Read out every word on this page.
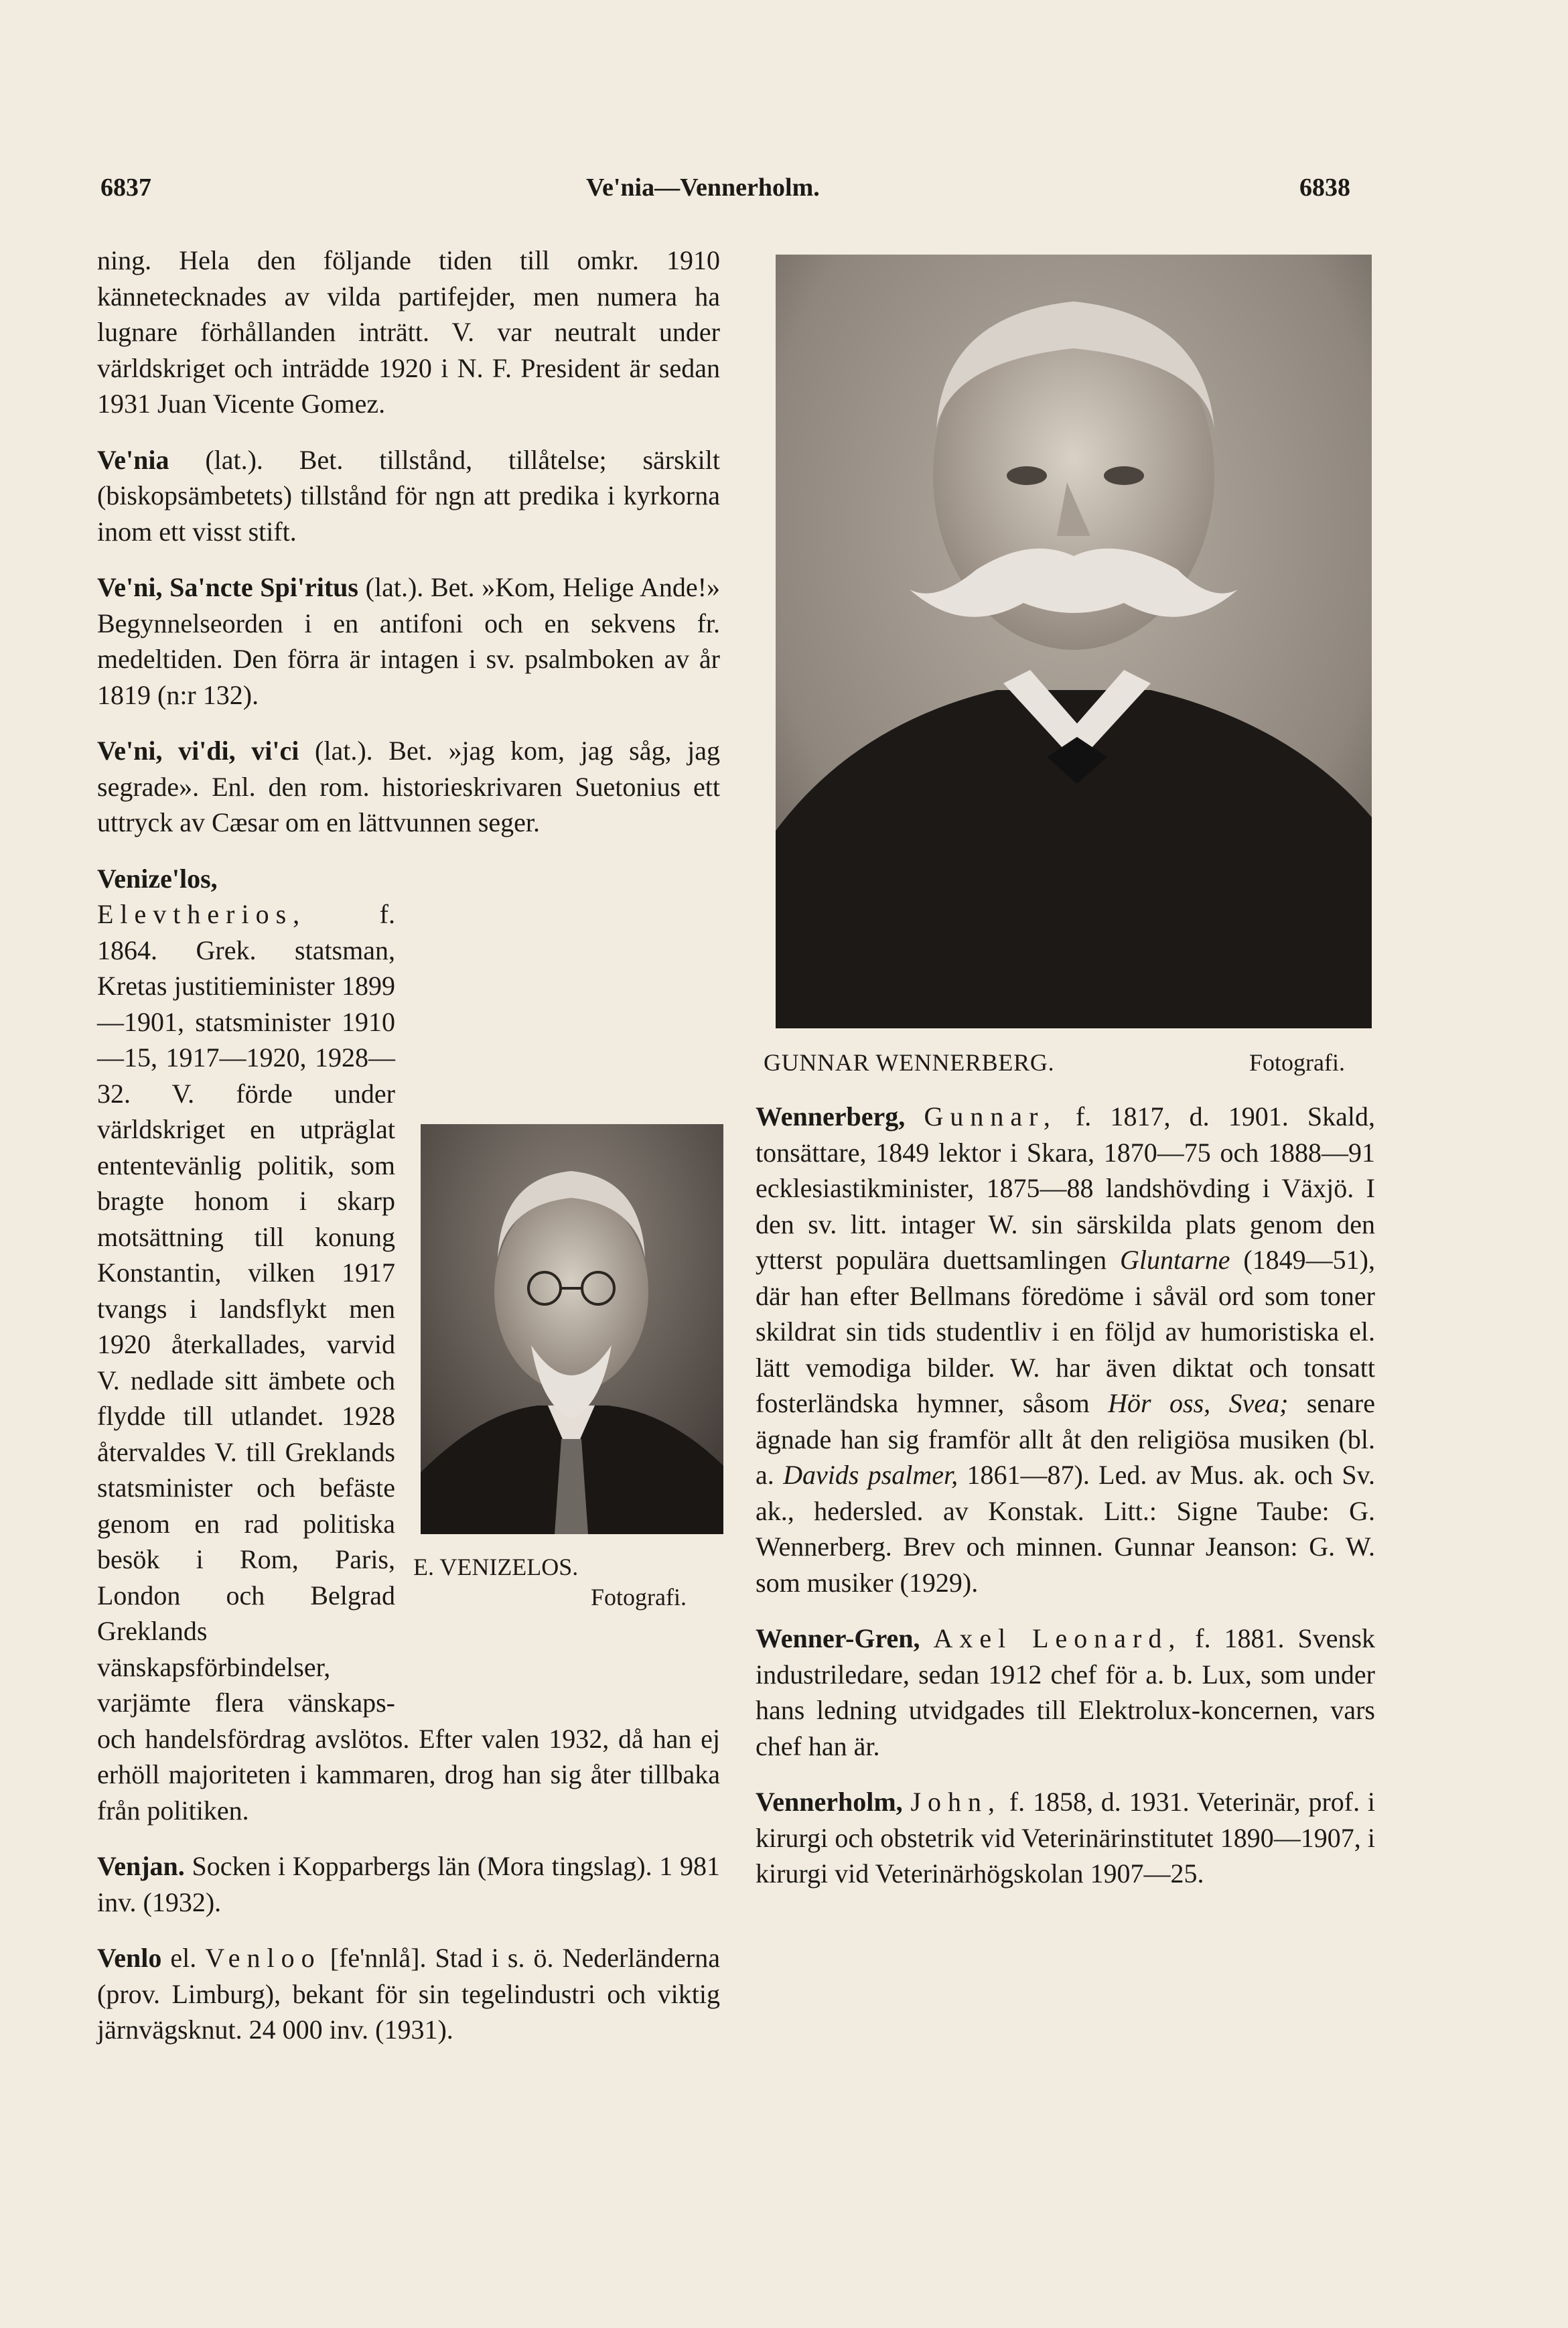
6837	Ve'nia—Vennerholm.	6838

ning. Hela den följande tiden till omkr. 1910 kännetecknades av vilda partifejder, men numera ha lugnare förhållanden inträtt. V. var neutralt under världskriget och inträdde 1920 i N. F. President är sedan 1931 Juan Vicente Gomez.

Ve'nia (lat.). Bet. tillstånd, tillåtelse; särskilt (biskopsämbetets) tillstånd för ngn att predika i kyrkorna inom ett visst stift.

Ve'ni, Sa'ncte Spi'ritus (lat.). Bet. »Kom, Helige Ande!» Begynnelseorden i en antifoni och en sekvens fr. medeltiden. Den förra är intagen i sv. psalmboken av år 1819 (n:r 132).

Ve'ni, vi'di, vi'ci (lat.). Bet. »jag kom, jag såg, jag segrade». Enl. den rom. historieskrivaren Suetonius ett uttryck av Cæsar om en lättvunnen seger.

Venize'los, Elevtherios, f. 1864. Grek. statsman, Kretas justitieminister 1899—1901, statsminister 1910—15, 1917—1920, 1928—32. V. förde under världskriget en utpräglat ententevänlig politik, som bragte honom i skarp motsättning till konung Konstantin, vilken 1917 tvangs i landsflykt men 1920 återkallades, varvid V. nedlade sitt ämbete och flydde till utlandet. 1928 återvaldes V. till Greklands statsminister och befäste genom en rad politiska besök i Rom, Paris, London och Belgrad Greklands vänskapsförbindelser, varjämte flera vänskaps- och handelsfördrag avslötos. Efter valen 1932, då han ej erhöll majoriteten i kammaren, drog han sig åter tillbaka från politiken.

Venjan. Socken i Kopparbergs län (Mora tingslag). 1 981 inv. (1932).

Venlo el. Venloo [fe'nnlå]. Stad i s. ö. Nederländerna (prov. Limburg), bekant för sin tegelindustri och viktig järnvägsknut. 24 000 inv. (1931).

GUNNAR WENNERBERG.	Fotografi.
E. VENIZELOS.
Fotografi.

Wennerberg, Gunnar, f. 1817, d. 1901. Skald, tonsättare, 1849 lektor i Skara, 1870—75 och 1888—91 ecklesiastikminister, 1875—88 landshövding i Växjö. I den sv. litt. intager W. sin särskilda plats genom den ytterst populära duettsamlingen Gluntarne (1849—51), där han efter Bellmans föredöme i såväl ord som toner skildrat sin tids studentliv i en följd av humoristiska el. lätt vemodiga bilder. W. har även diktat och tonsatt fosterländska hymner, såsom Hör oss, Svea; senare ägnade han sig framför allt åt den religiösa musiken (bl. a. Davids psalmer, 1861—87). Led. av Mus. ak. och Sv. ak., hedersled. av Konstak. Litt.: Signe Taube: G. Wennerberg. Brev och minnen. Gunnar Jeanson: G. W. som musiker (1929).

Wenner-Gren, Axel Leonard, f. 1881. Svensk industriledare, sedan 1912 chef för a. b. Lux, som under hans ledning utvidgades till Elektrolux-koncernen, vars chef han är.

Vennerholm, John, f. 1858, d. 1931. Veterinär, prof. i kirurgi och obstetrik vid Veterinärinstitutet 1890—1907, i kirurgi vid Veterinärhögskolan 1907—25.
